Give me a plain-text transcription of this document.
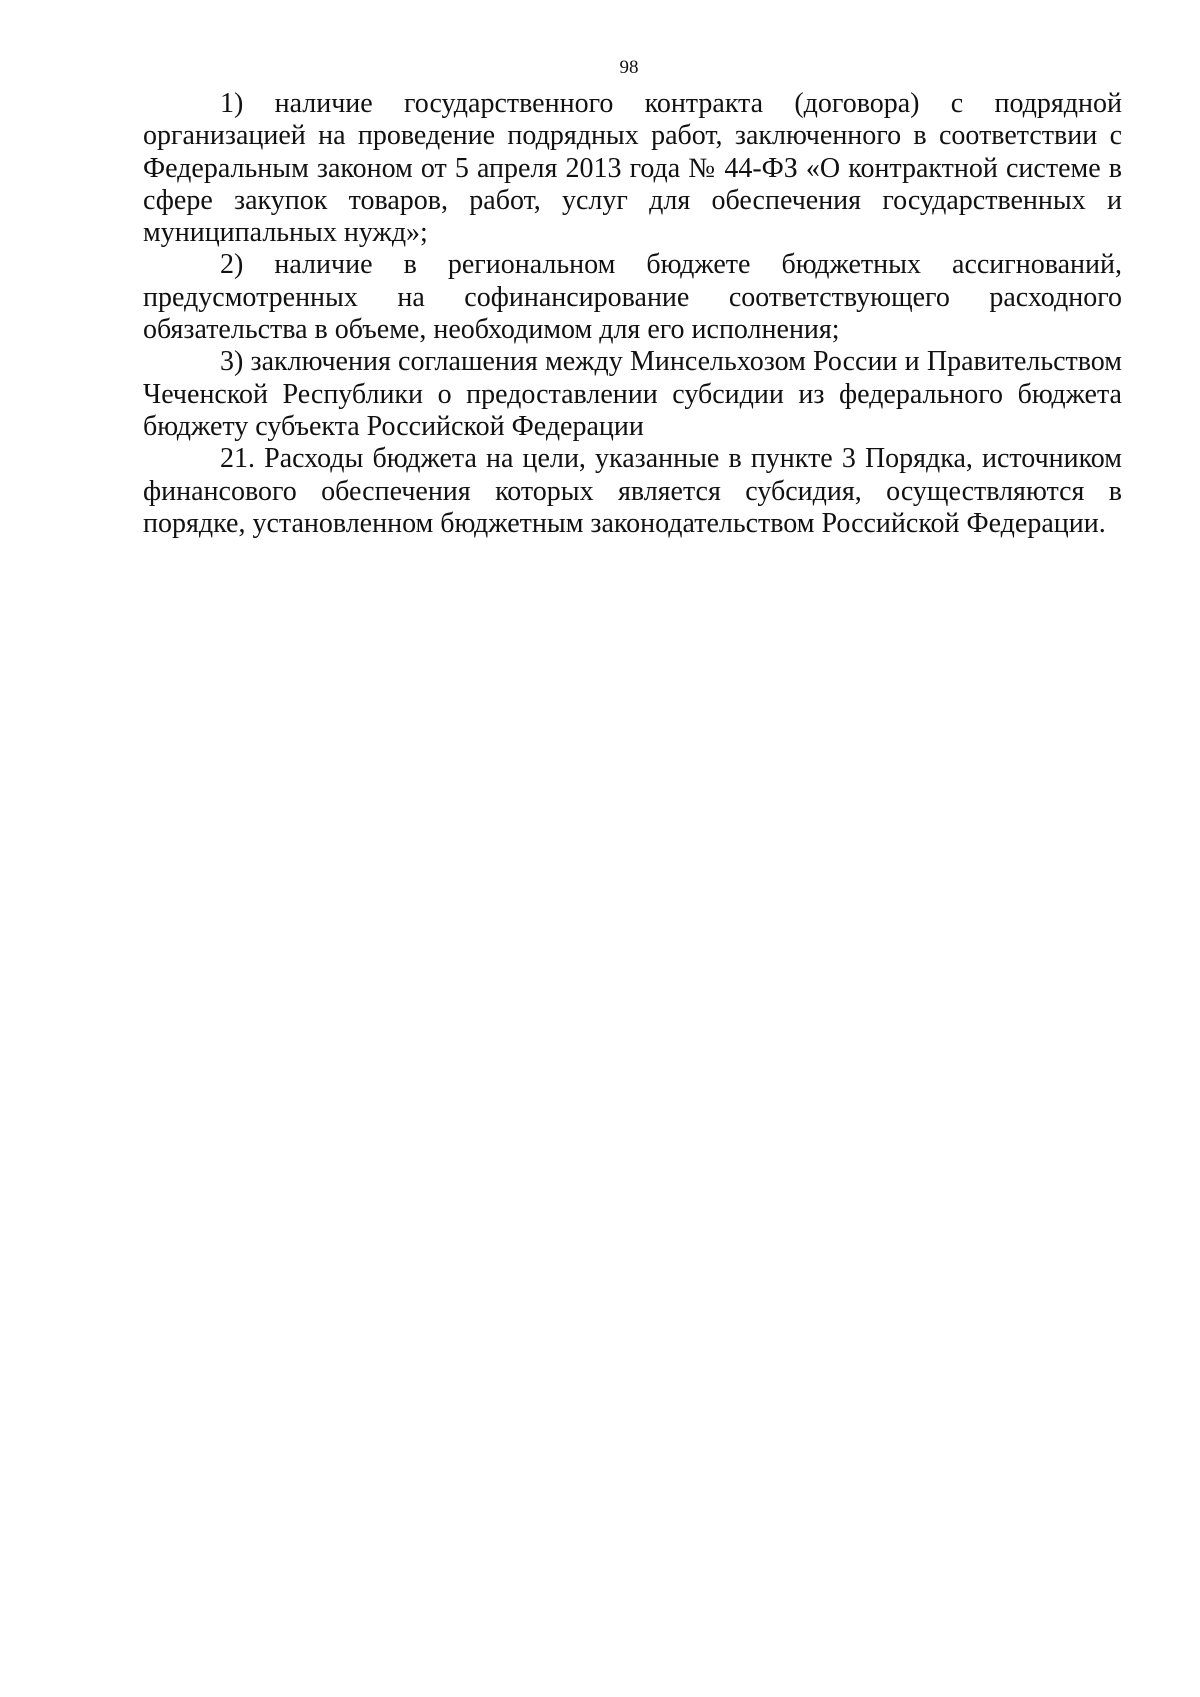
98

1) наличие государственного контракта (договора) с подрядной организацией на проведение подрядных работ, заключенного в соответствии с Федеральным законом от 5 апреля 2013 года № 44-ФЗ «О контрактной системе в сфере закупок товаров, работ, услуг для обеспечения государственных и муниципальных нужд»;

2) наличие в региональном бюджете бюджетных ассигнований, предусмотренных на софинансирование соответствующего расходного обязательства в объеме, необходимом для его исполнения;

3) заключения соглашения между Минсельхозом России и Правительством Чеченской Республики о предоставлении субсидии из федерального бюджета бюджету субъекта Российской Федерации

21. Расходы бюджета на цели, указанные в пункте 3 Порядка, источником финансового обеспечения которых является субсидия, осуществляются в порядке, установленном бюджетным законодательством Российской Федерации.
